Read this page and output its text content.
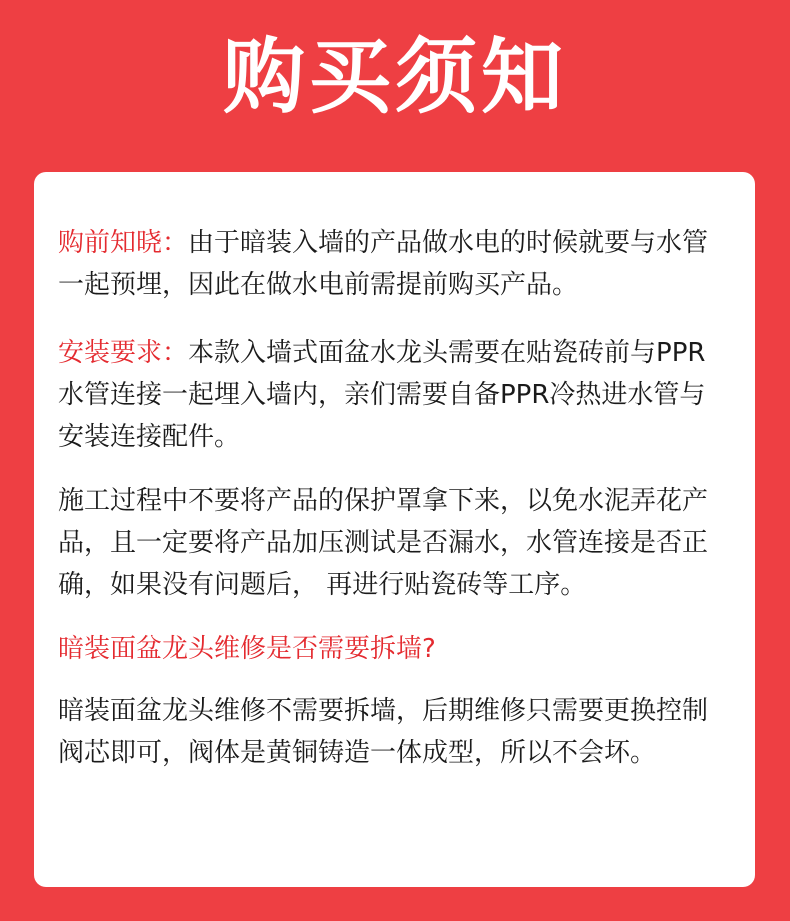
购买须知

购前知晓：由于暗装入墙的产品做水电的时候就要与水管一起预埋，因此在做水电前需提前购买产品。

安装要求：本款入墙式面盆水龙头需要在贴瓷砖前与PPR水管连接一起埋入墙内，亲们需要自备PPR冷热进水管与安装连接配件。

施工过程中不要将产品的保护罩拿下来，以免水泥弄花产品，且一定要将产品加压测试是否漏水，水管连接是否正确，如果没有问题后， 再进行贴瓷砖等工序。

暗装面盆龙头维修是否需要拆墙?

暗装面盆龙头维修不需要拆墙，后期维修只需要更换控制阀芯即可，阀体是黄铜铸造一体成型，所以不会坏。
